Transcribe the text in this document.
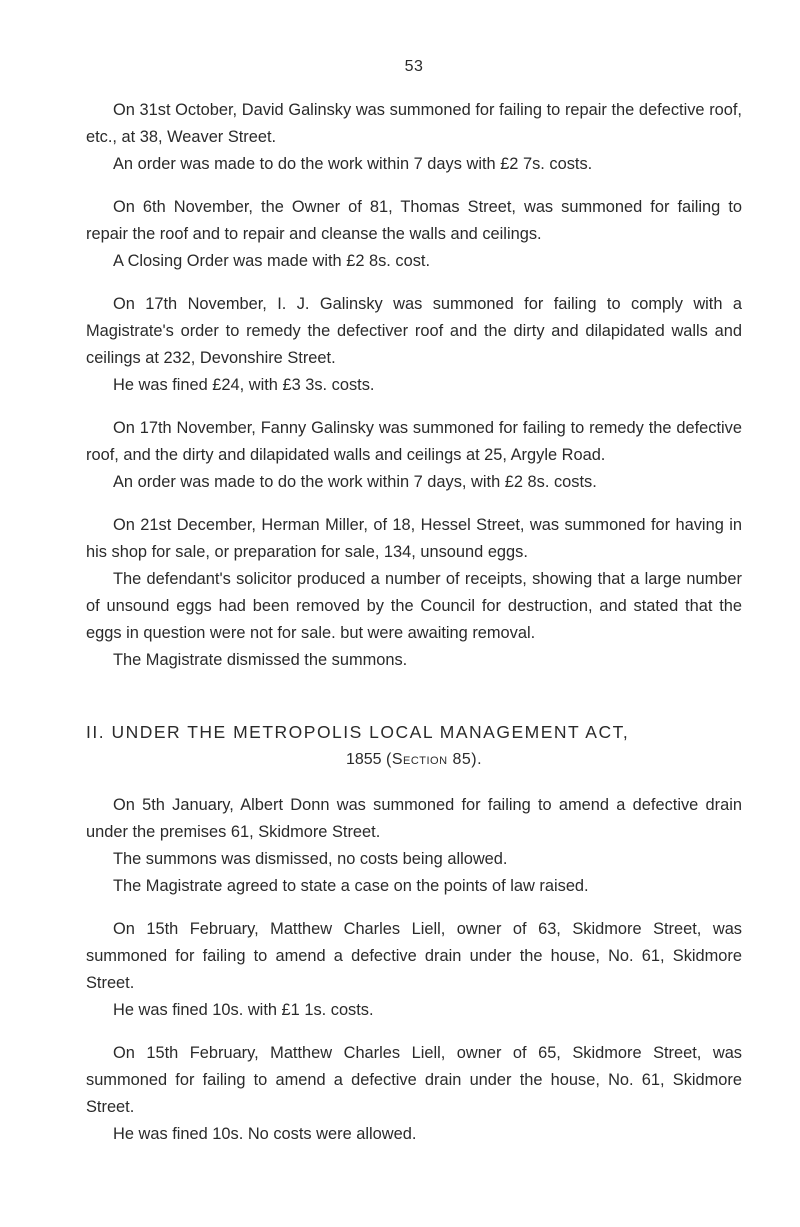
53

On 31st October, David Galinsky was summoned for failing to repair the defective roof, etc., at 38, Weaver Street.

An order was made to do the work within 7 days with £2 7s. costs.

On 6th November, the Owner of 81, Thomas Street, was summoned for failing to repair the roof and to repair and cleanse the walls and ceilings.

A Closing Order was made with £2 8s. cost.

On 17th November, I. J. Galinsky was summoned for failing to comply with a Magistrate's order to remedy the defectiver roof and the dirty and dilapidated walls and ceilings at 232, Devonshire Street.

He was fined £24, with £3 3s. costs.

On 17th November, Fanny Galinsky was summoned for failing to remedy the defective roof, and the dirty and dilapidated walls and ceilings at 25, Argyle Road.

An order was made to do the work within 7 days, with £2 8s. costs.

On 21st December, Herman Miller, of 18, Hessel Street, was summoned for having in his shop for sale, or preparation for sale, 134, unsound eggs.

The defendant's solicitor produced a number of receipts, showing that a large number of unsound eggs had been removed by the Council for destruction, and stated that the eggs in question were not for sale. but were awaiting removal.

The Magistrate dismissed the summons.

II. UNDER THE METROPOLIS LOCAL MANAGEMENT ACT,

1855 (Section 85).

On 5th January, Albert Donn was summoned for failing to amend a defective drain under the premises 61, Skidmore Street.

The summons was dismissed, no costs being allowed.

The Magistrate agreed to state a case on the points of law raised.

On 15th February, Matthew Charles Liell, owner of 63, Skidmore Street, was summoned for failing to amend a defective drain under the house, No. 61, Skidmore Street.

He was fined 10s. with £1 1s. costs.

On 15th February, Matthew Charles Liell, owner of 65, Skidmore Street, was summoned for failing to amend a defective drain under the house, No. 61, Skidmore Street.

He was fined 10s. No costs were allowed.
